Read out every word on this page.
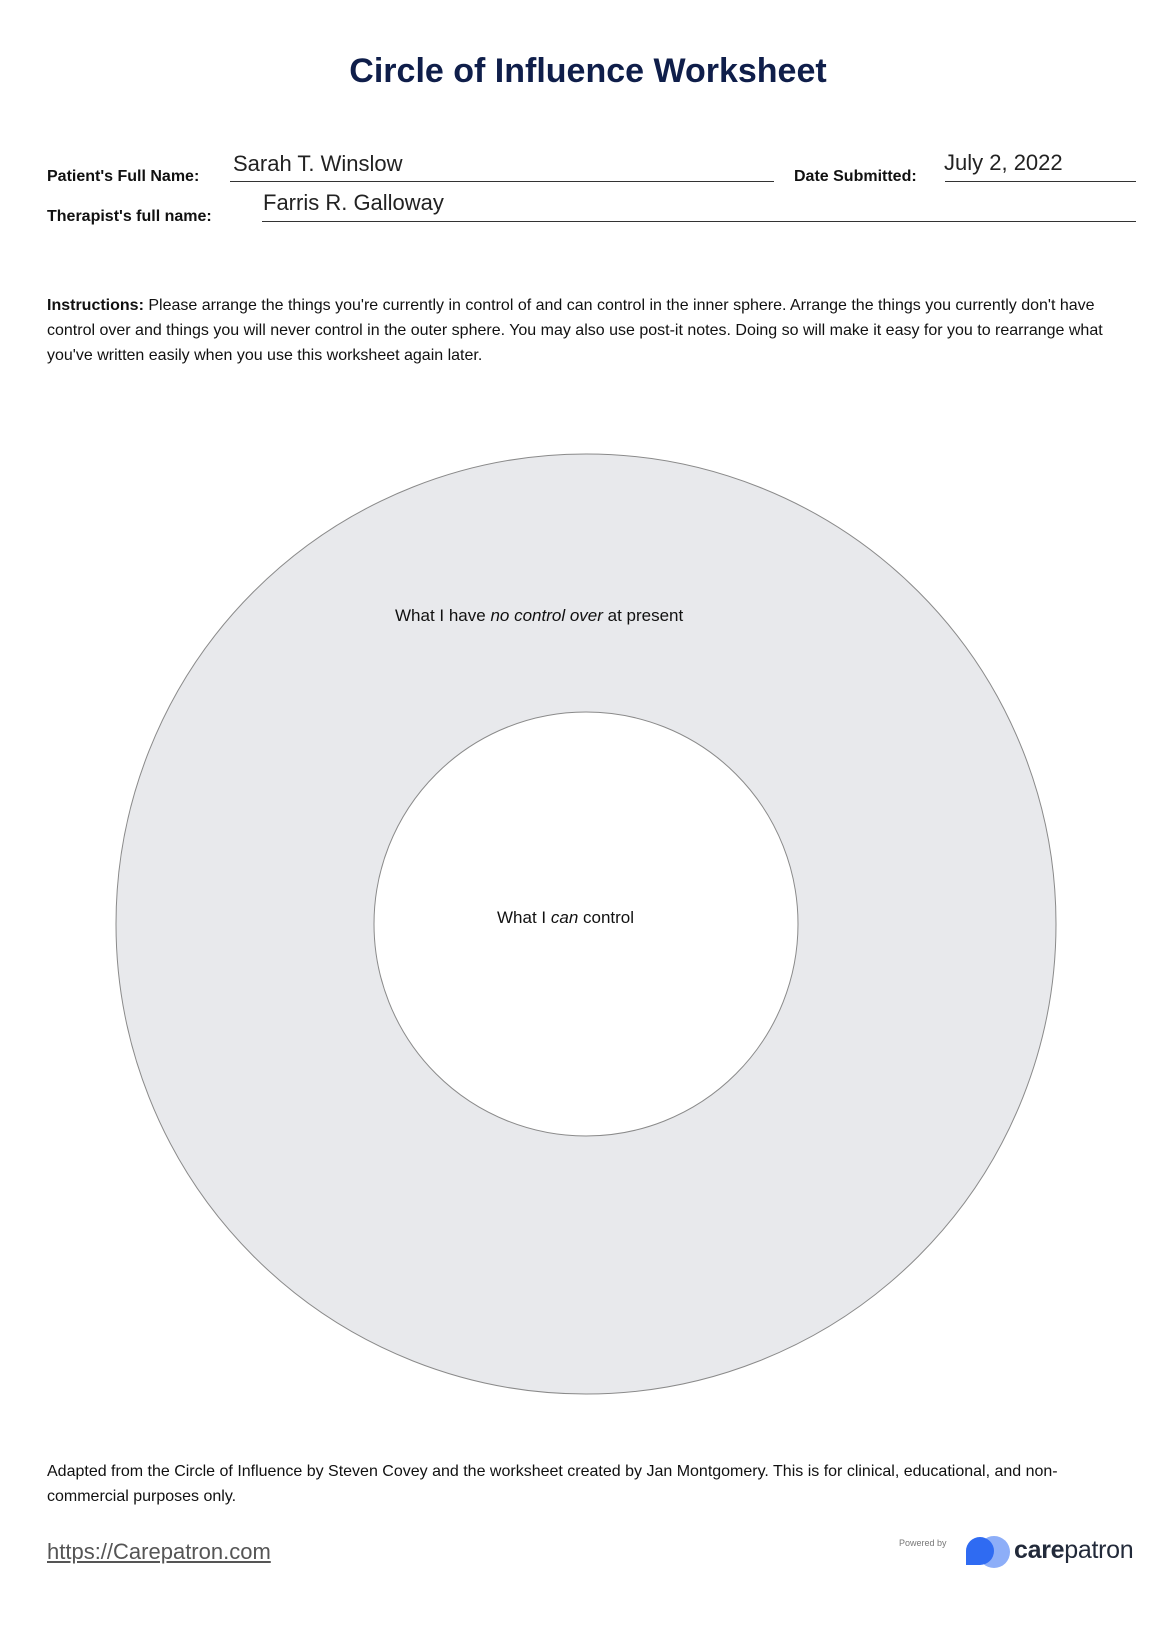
Circle of Influence Worksheet
Patient's Full Name:
Sarah T. Winslow
Date Submitted:
July 2, 2022
Therapist's full name:
Farris R. Galloway

Instructions: Please arrange the things you're currently in control of and can control in the inner sphere. Arrange the things you currently don't have control over and things you will never control in the outer sphere. You may also use post-it notes. Doing so will make it easy for you to rearrange what you've written easily when you use this worksheet again later.

What I have no control over at present
What I can control

Adapted from the Circle of Influence by Steven Covey and the worksheet created by Jan Montgomery. This is for clinical, educational, and non-commercial purposes only.

https://Carepatron.com	Powered by	carepatron
